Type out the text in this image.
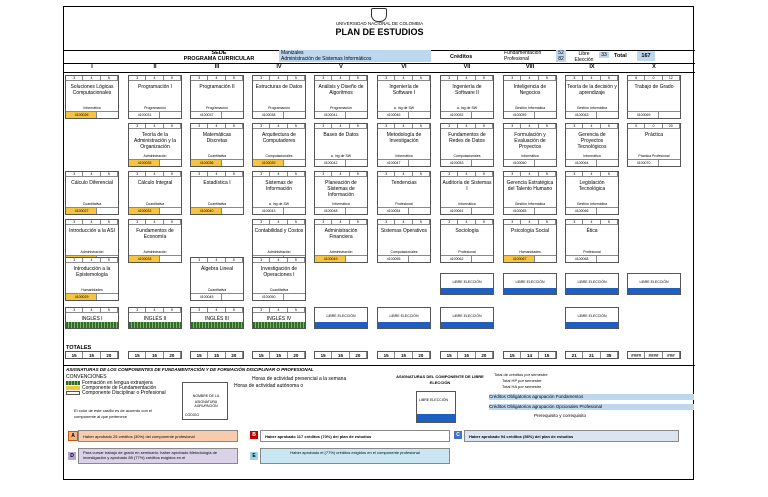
UNIVERSIDAD NACIONAL DE COLOMBIA
PLAN DE ESTUDIOS
SEDE	Manizales
PROGRAMA CURRICULAR	Administración de Sistemas Informáticos	Créditos
Fundamentación	52
Profesional	82
Libre Elección
33	Total	167
I	II	III	IV	V	VI	VII	VIII	IX	X
3	4	5
Soluciones Lógicas Computacionales
Informática
4100026
3	4	5
Programación I
Programación
4100031
3	4	5
Programación II
Programación
4100037
3	4	5
Estructuras de Datos
Programación
4100038
3	4	5
Análisis y Diseño de Algoritmos
Programación
4100041
3	4	5
Ingeniería de Software I
a. Ing de SW
4100046
3	4	5
Ingeniería de Software II
a. Ing de SW
4100052
3	4	5
Inteligencia de Negocios
Gestión Informática
4100059
3	4	5
Teoría de la decisión y aprendizaje
Gestión Informática
4100063
6	0	12
Trabajo de Grado
4100069
3	4	5
Teoría de la Administración y la Organización
Administración
4100035
3	4	5
Matemáticas Discretas
Cuantitativa
4100036
3	4	5
Arquitectura de Computadores
Computacionales
4100039
3	4	5
Bases de Datos
a. Ing de SW
4100042
3	4	5
Metodología de Investigación
Informática
4100047
3	4	5
Fundamentos de Redes de Datos
Computacionales
4100053
3	4	5
Formulación y Evaluación de Proyectos
Informática
4100060
3	4	5
Gerencia de Proyectos Tecnológicos
Informática
4100064
0	0	20
Práctica
Práctica Profesional
4100070
3	4	5
Cálculo Diferencial
Cuantitativa
4100027
3	4	5
Cálculo Integral
Cuantitativa
4100032
3	4	5
Estadística I
Cuantitativa
4100040
3	4	5
Sistemas de Información
a. Ing de SW
4100043
3	4	5
Planeación de Sistemas de Información
Informática
4100048
3	4	5
Tendencias
Profesional
4100054
3	4	5
Auditoría de Sistemas I
Informática
4100061
3	4	5
Gerencia Estratégica del Talento Humano
Gestión Informática
4100065
3	4	5
Legislación Tecnológica
Gestión Informática
4100066
3	4	5
Introducción a la ASI
Administración
3	4	5
Fundamentos de Economía
Administración
4100033
3	4	5
Contabilidad y Costos
Administración
3	4	5
Administración Financiera
Administración
4100049
3	4	5
Sistemas Operativos
Computacionales
4100055
3	4	5
Sociología
Profesional
4100062
3	4	5
Psicología Social
Humanidades
4100067
3	4	5
Ética
Profesional
4100068
3	4	5
Introducción a la Epistemología
Humanidades
4100029
3	4	5
Álgebra Lineal
Cuantitativa
4100045
3	4	5
Investigación de Operaciones I
Cuantitativa
4100050
3	4	5
INGLÉS I
3	4	5
INGLÉS II
3	4	5
INGLÉS III
3	4	5
INGLÉS IV
LIBRE ELECCIÓN	LIBRE ELECCIÓN	LIBRE ELECCIÓN	LIBRE ELECCIÓN
LIBRE ELECCIÓN	LIBRE ELECCIÓN	LIBRE ELECCIÓN	LIBRE ELECCIÓN
TOTALES
15	15	20	15	15	20	15	15	20	15	15	20	15	15	20	15	15	20	15	15	20	15	14	15	21	21	35	####	####	###
ASIGNATURAS DE LOS COMPONENTES DE FUNDAMENTACIÓN Y DE FORMACIÓN DISCIPLINAR O PROFESIONAL
CONVENCIONES
Formación en lengua extranjera
Componente de Fundamentación
Componente Disciplinar o Profesional
Horas de actividad presencial a la semana
Horas de actividad autónoma o
NOMBRE DE LA ASIGNATURA
AGRUPACIÓN
CÓDIGO
El color de este casillo es de acuerdo con el componente al que pertenece
ASIGNATURAS DEL COMPONENTE DE LIBRE ELECCIÓN
LIBRE ELECCIÓN
Total de créditos por semestre
Total HP por semestre
Total HA por semestre
Créditos Obligatorios agrupación Fundamentos
Créditos Obligatorios agrupación Opcionales Profesional
Prerequisito y correquisito
A	Haber aprobado 25 créditos (30%) del componente profesional	B	Haber aprobado 117 créditos (70%) del plan de estudios	C	Haber aprobado 94 créditos (56%) del plan de estudios
D
Para cursar trabajo de grado en seminario: haber aprobado Metodología de investigación y aprobado 85 (77%) créditos exigidos en el	E
Haber aprobado el (77%) créditos exigidos en el componente profesional
